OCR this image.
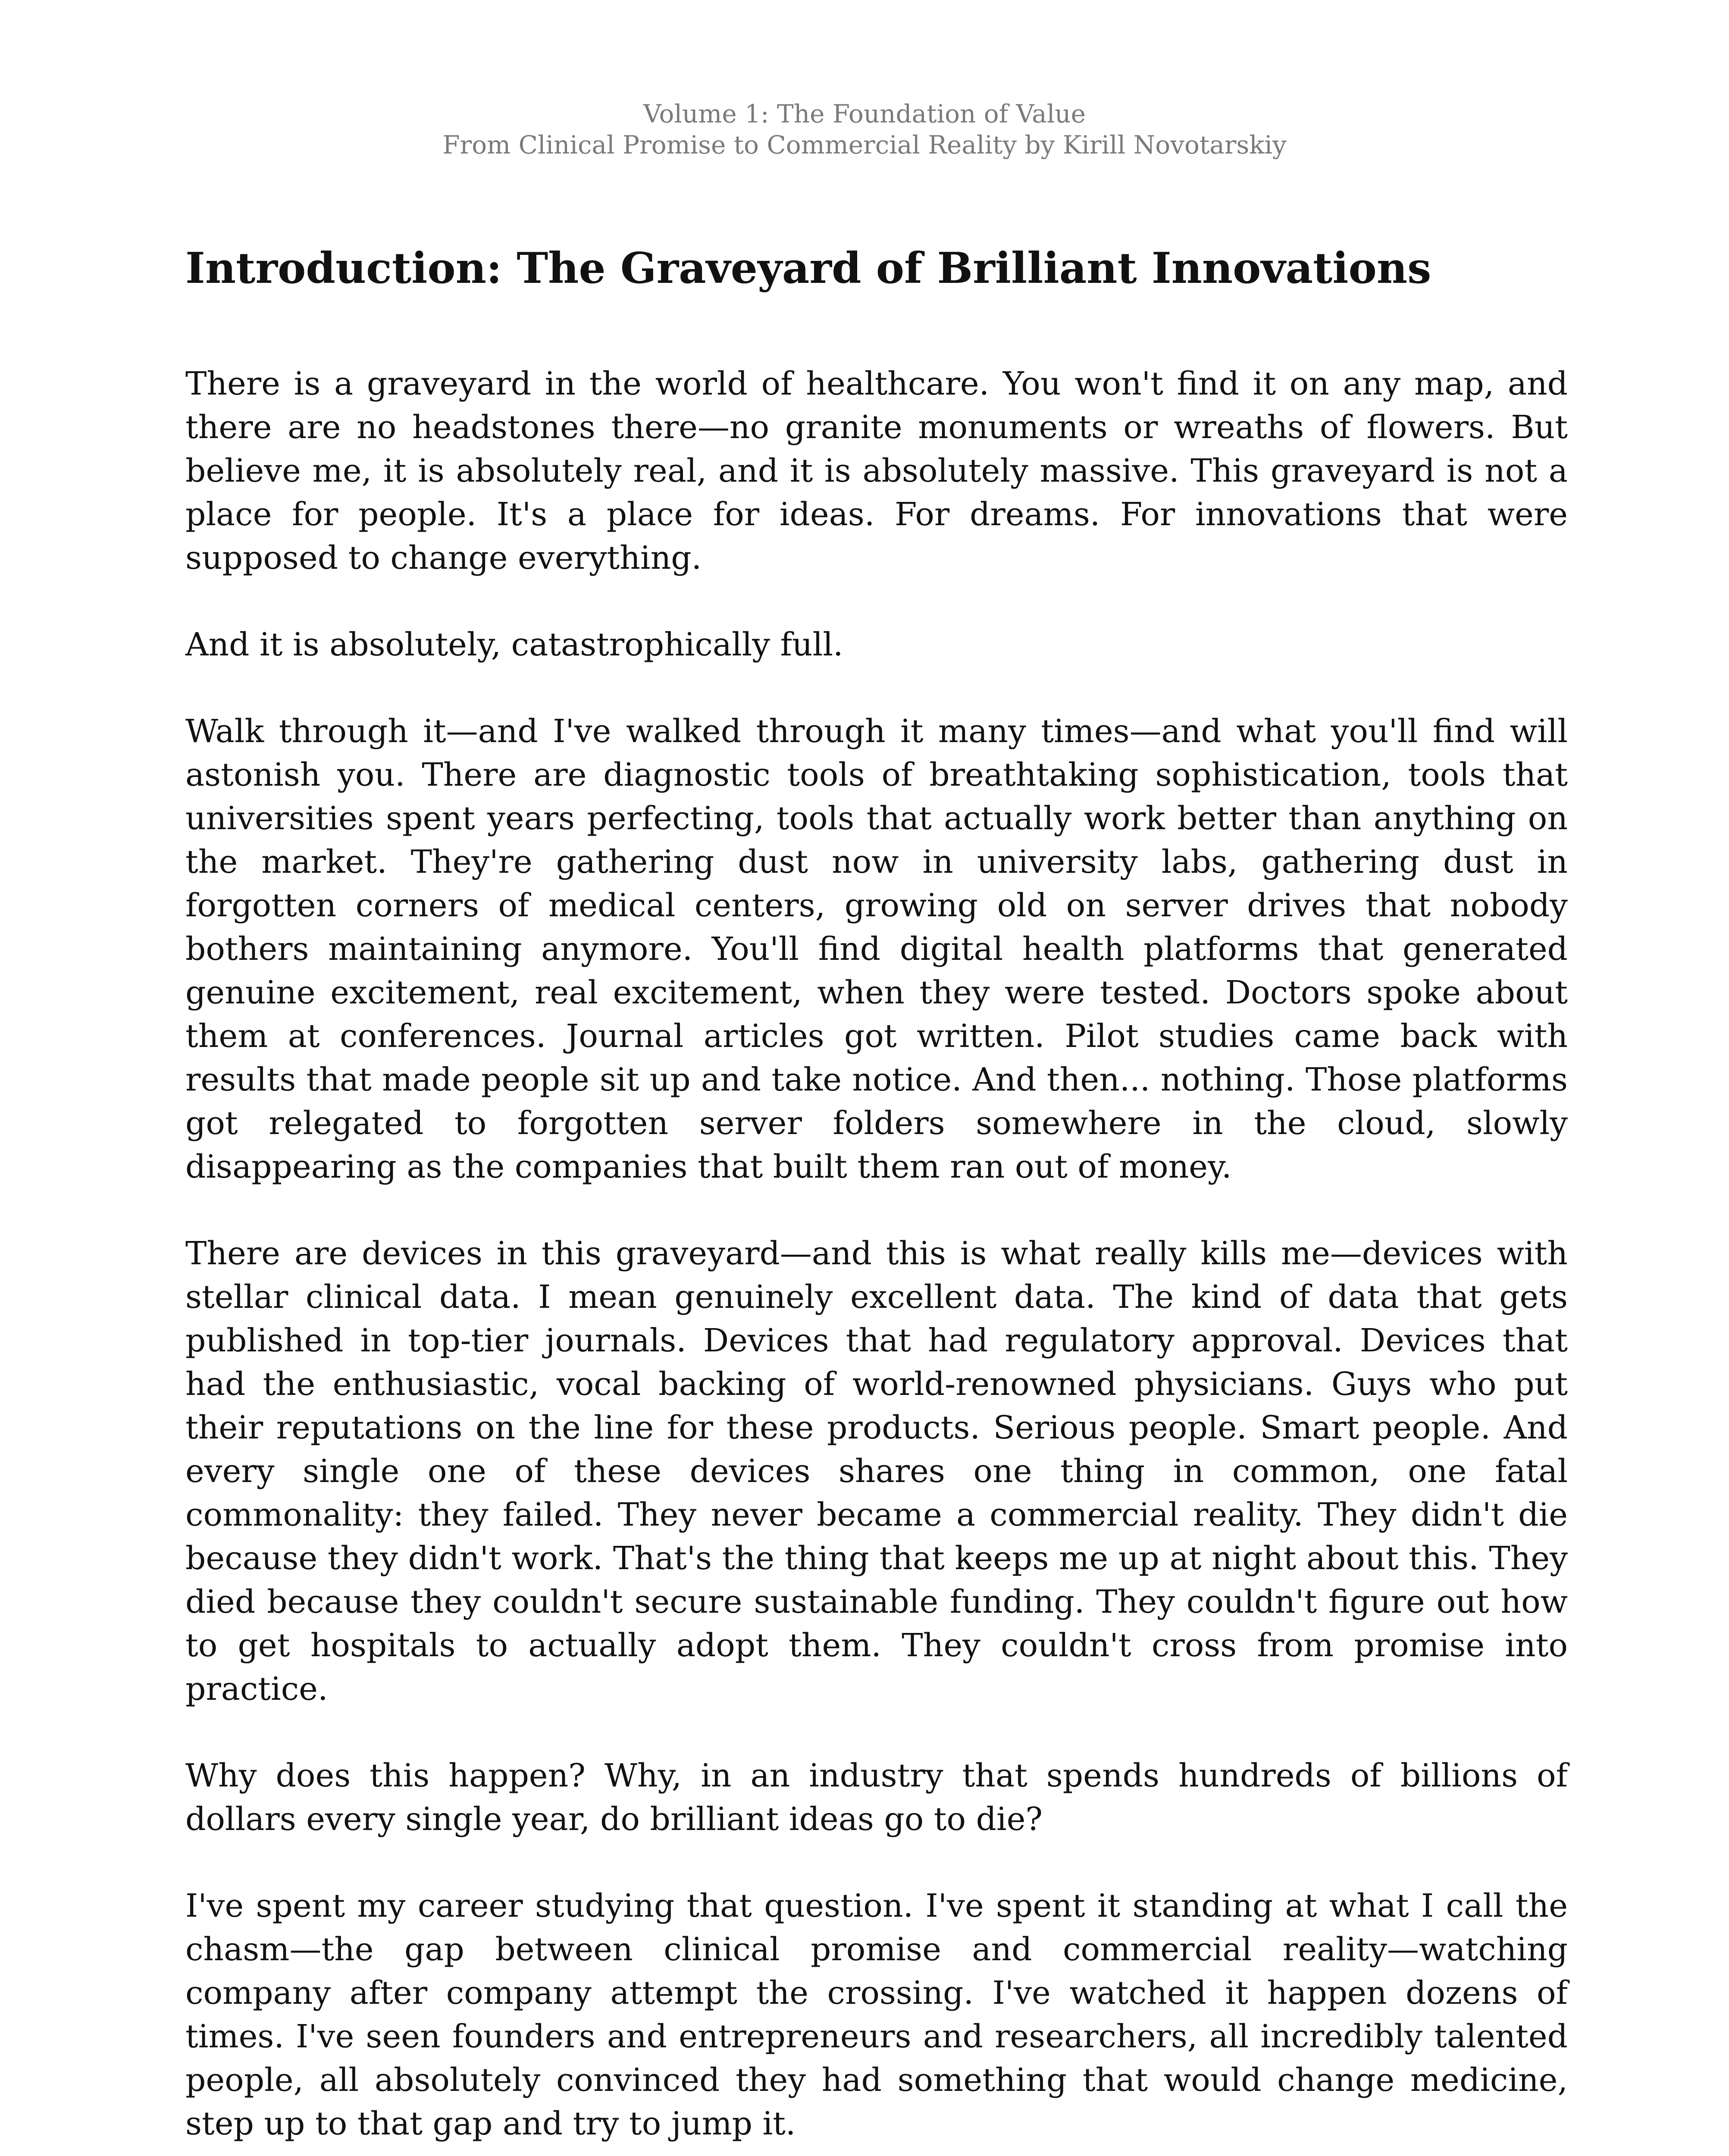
Volume 1: The Foundation of Value
From Clinical Promise to Commercial Reality by Kirill Novotarskiy
Introduction: The Graveyard of Brilliant Innovations

There is a graveyard in the world of healthcare. You won't find it on any map, and there are no headstones there—no granite monuments or wreaths of flowers. But believe me, it is absolutely real, and it is absolutely massive. This graveyard is not a place for people. It's a place for ideas. For dreams. For innovations that were supposed to change everything.

And it is absolutely, catastrophically full.

Walk through it—and I've walked through it many times—and what you'll find will astonish you. There are diagnostic tools of breathtaking sophistication, tools that universities spent years perfecting, tools that actually work better than anything on the market. They're gathering dust now in university labs, gathering dust in forgotten corners of medical centers, growing old on server drives that nobody bothers maintaining anymore. You'll find digital health platforms that generated genuine excitement, real excitement, when they were tested. Doctors spoke about them at conferences. Journal articles got written. Pilot studies came back with results that made people sit up and take notice. And then... nothing. Those platforms got relegated to forgotten server folders somewhere in the cloud, slowly disappearing as the companies that built them ran out of money.

There are devices in this graveyard—and this is what really kills me—devices with stellar clinical data. I mean genuinely excellent data. The kind of data that gets published in top-tier journals. Devices that had regulatory approval. Devices that had the enthusiastic, vocal backing of world-renowned physicians. Guys who put their reputations on the line for these products. Serious people. Smart people. And every single one of these devices shares one thing in common, one fatal commonality: they failed. They never became a commercial reality. They didn't die because they didn't work. That's the thing that keeps me up at night about this. They died because they couldn't secure sustainable funding. They couldn't figure out how to get hospitals to actually adopt them. They couldn't cross from promise into practice.

Why does this happen? Why, in an industry that spends hundreds of billions of dollars every single year, do brilliant ideas go to die?

I've spent my career studying that question. I've spent it standing at what I call the chasm—the gap between clinical promise and commercial reality—watching company after company attempt the crossing. I've watched it happen dozens of times. I've seen founders and entrepreneurs and researchers, all incredibly talented people, all absolutely convinced they had something that would change medicine, step up to that gap and try to jump it.
